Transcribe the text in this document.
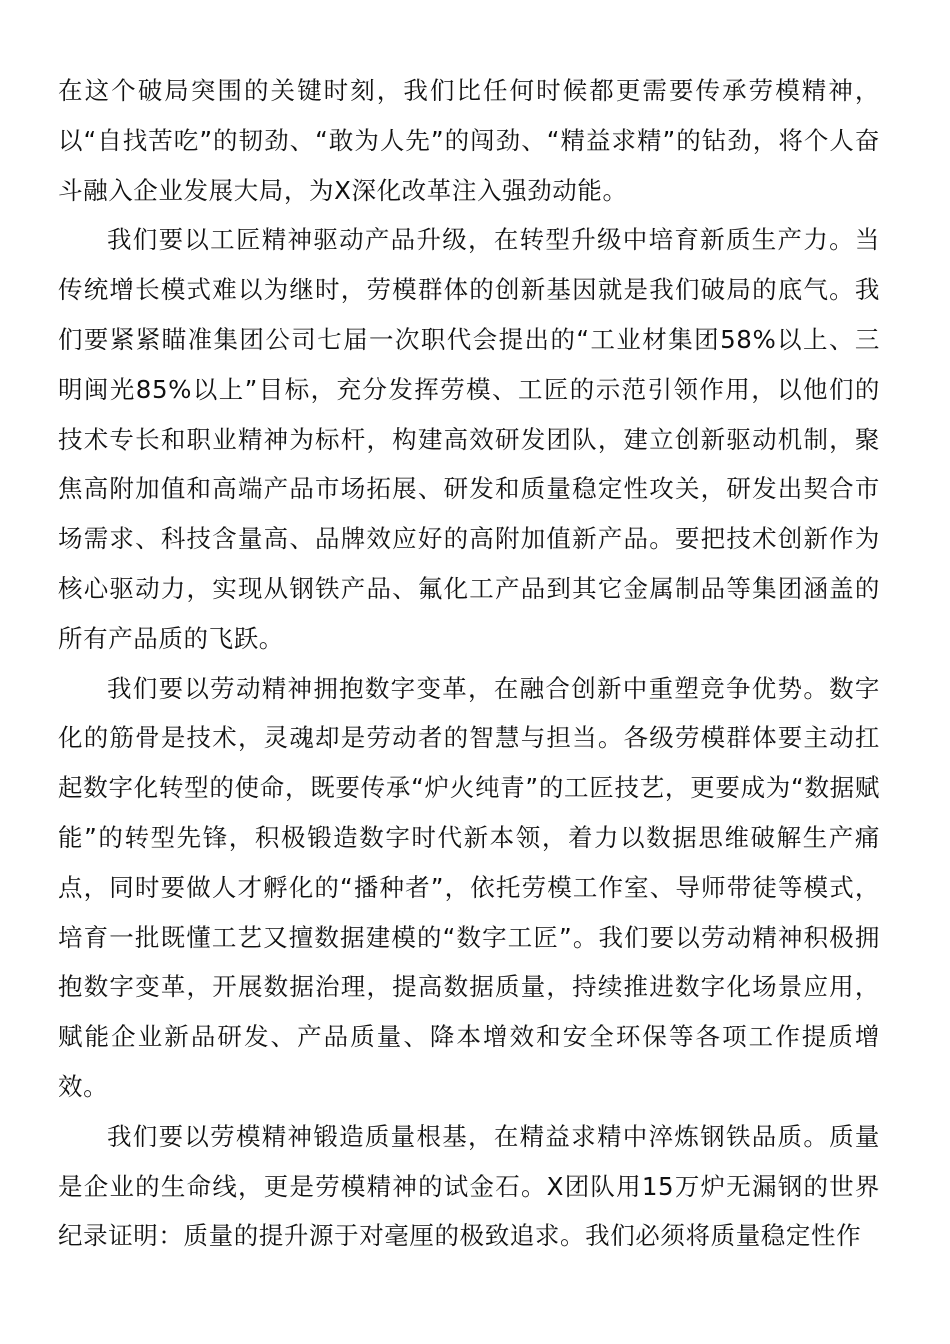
在这个破局突围的关键时刻，我们比任何时候都更需要传承劳模精神，以“自找苦吃”的韧劲、“敢为人先”的闯劲、“精益求精”的钻劲，将个人奋斗融入企业发展大局，为X深化改革注入强劲动能。

我们要以工匠精神驱动产品升级，在转型升级中培育新质生产力。当传统增长模式难以为继时，劳模群体的创新基因就是我们破局的底气。我们要紧紧瞄准集团公司七届一次职代会提出的“工业材集团58%以上、三明闽光85%以上”目标，充分发挥劳模、工匠的示范引领作用，以他们的技术专长和职业精神为标杆，构建高效研发团队，建立创新驱动机制，聚焦高附加值和高端产品市场拓展、研发和质量稳定性攻关，研发出契合市场需求、科技含量高、品牌效应好的高附加值新产品。要把技术创新作为核心驱动力，实现从钢铁产品、氟化工产品到其它金属制品等集团涵盖的所有产品质的飞跃。

我们要以劳动精神拥抱数字变革，在融合创新中重塑竞争优势。数字化的筋骨是技术，灵魂却是劳动者的智慧与担当。各级劳模群体要主动扛起数字化转型的使命，既要传承“炉火纯青”的工匠技艺，更要成为“数据赋能”的转型先锋，积极锻造数字时代新本领，着力以数据思维破解生产痛点，同时要做人才孵化的“播种者”，依托劳模工作室、导师带徒等模式，培育一批既懂工艺又擅数据建模的“数字工匠”。我们要以劳动精神积极拥抱数字变革，开展数据治理，提高数据质量，持续推进数字化场景应用，赋能企业新品研发、产品质量、降本增效和安全环保等各项工作提质增效。

我们要以劳模精神锻造质量根基，在精益求精中淬炼钢铁品质。质量是企业的生命线，更是劳模精神的试金石。X团队用15万炉无漏钢的世界纪录证明：质量的提升源于对毫厘的极致追求。我们必须将质量稳定性作
